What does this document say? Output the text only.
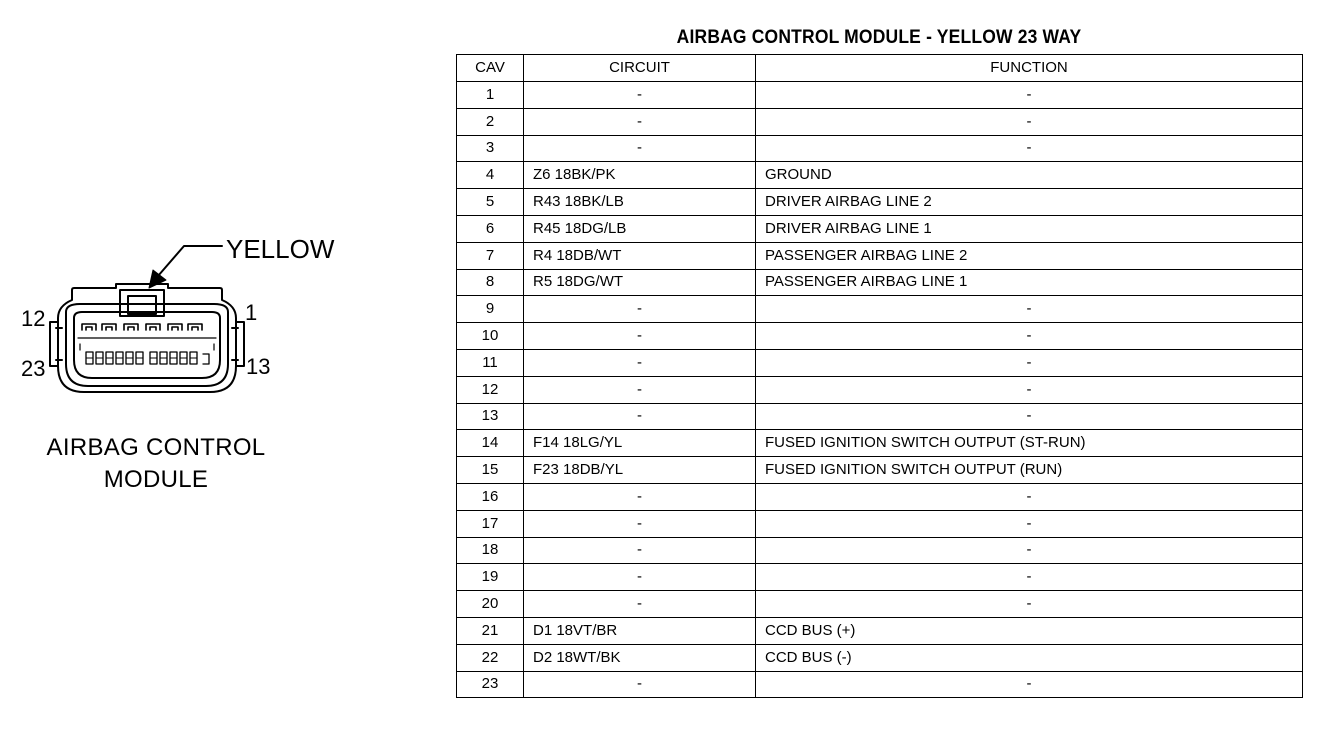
YELLOW
12	1
23	13
AIRBAG CONTROL
MODULE
AIRBAG CONTROL MODULE - YELLOW 23 WAY
CAV	CIRCUIT	FUNCTION
1	-	-
2	-	-
3	-	-
4	Z6 18BK/PK	GROUND
5	R43 18BK/LB	DRIVER AIRBAG LINE 2
6	R45 18DG/LB	DRIVER AIRBAG LINE 1
7	R4 18DB/WT	PASSENGER AIRBAG LINE 2
8	R5 18DG/WT	PASSENGER AIRBAG LINE 1
9	-	-
10	-	-
11	-	-
12	-	-
13	-	-
14	F14 18LG/YL	FUSED IGNITION SWITCH OUTPUT (ST-RUN)
15	F23 18DB/YL	FUSED IGNITION SWITCH OUTPUT (RUN)
16	-	-
17	-	-
18	-	-
19	-	-
20	-	-
21	D1 18VT/BR	CCD BUS (+)
22	D2 18WT/BK	CCD BUS (-)
23	-	-
